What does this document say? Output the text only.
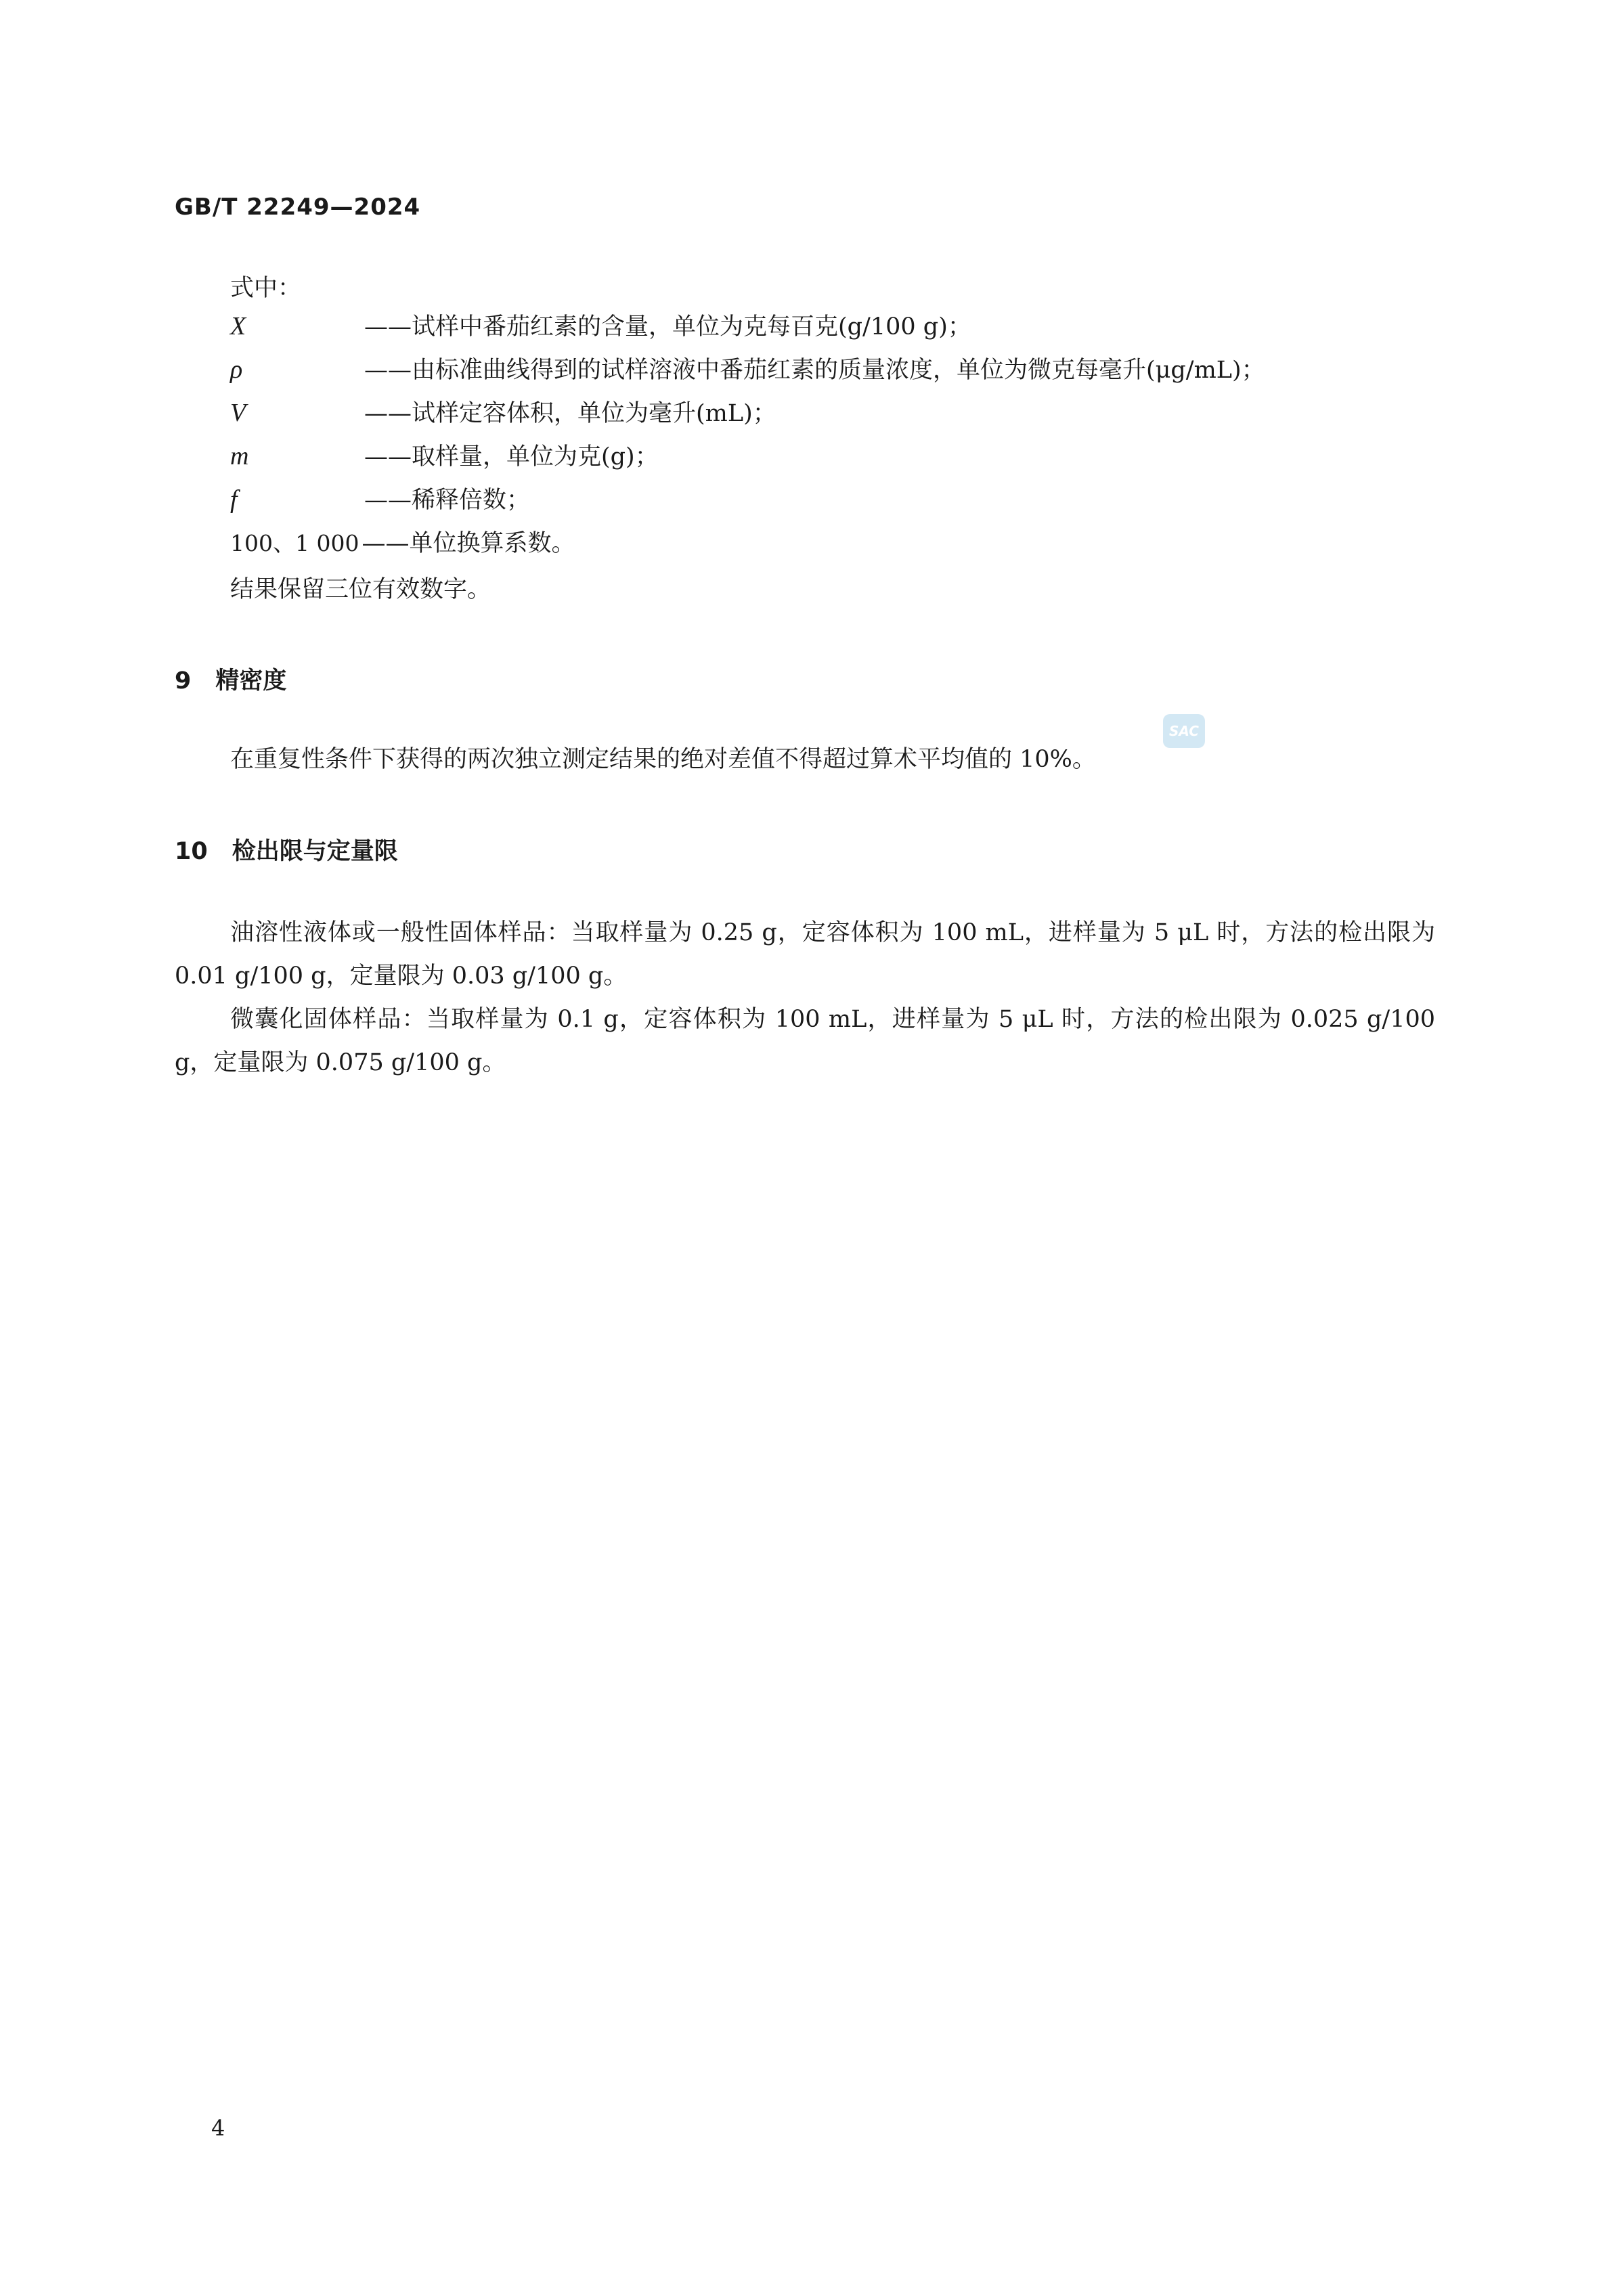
GB/T 22249—2024
式中：
X	——试样中番茄红素的含量，单位为克每百克(g/100 g)；
ρ	——由标准曲线得到的试样溶液中番茄红素的质量浓度，单位为微克每毫升(μg/mL)；
V	——试样定容体积，单位为毫升(mL)；
m	——取样量，单位为克(g)；
f	——稀释倍数；
100、1 000 ——单位换算系数。
结果保留三位有效数字。
9 精密度
在重复性条件下获得的两次独立测定结果的绝对差值不得超过算术平均值的 10%。
SAC
10 检出限与定量限
油溶性液体或一般性固体样品：当取样量为 0.25 g，定容体积为 100 mL，进样量为 5 μL 时，方法的检出限为 0.01 g/100 g，定量限为 0.03 g/100 g。
微囊化固体样品：当取样量为 0.1 g，定容体积为 100 mL，进样量为 5 μL 时，方法的检出限为 0.025 g/100 g，定量限为 0.075 g/100 g。
4
